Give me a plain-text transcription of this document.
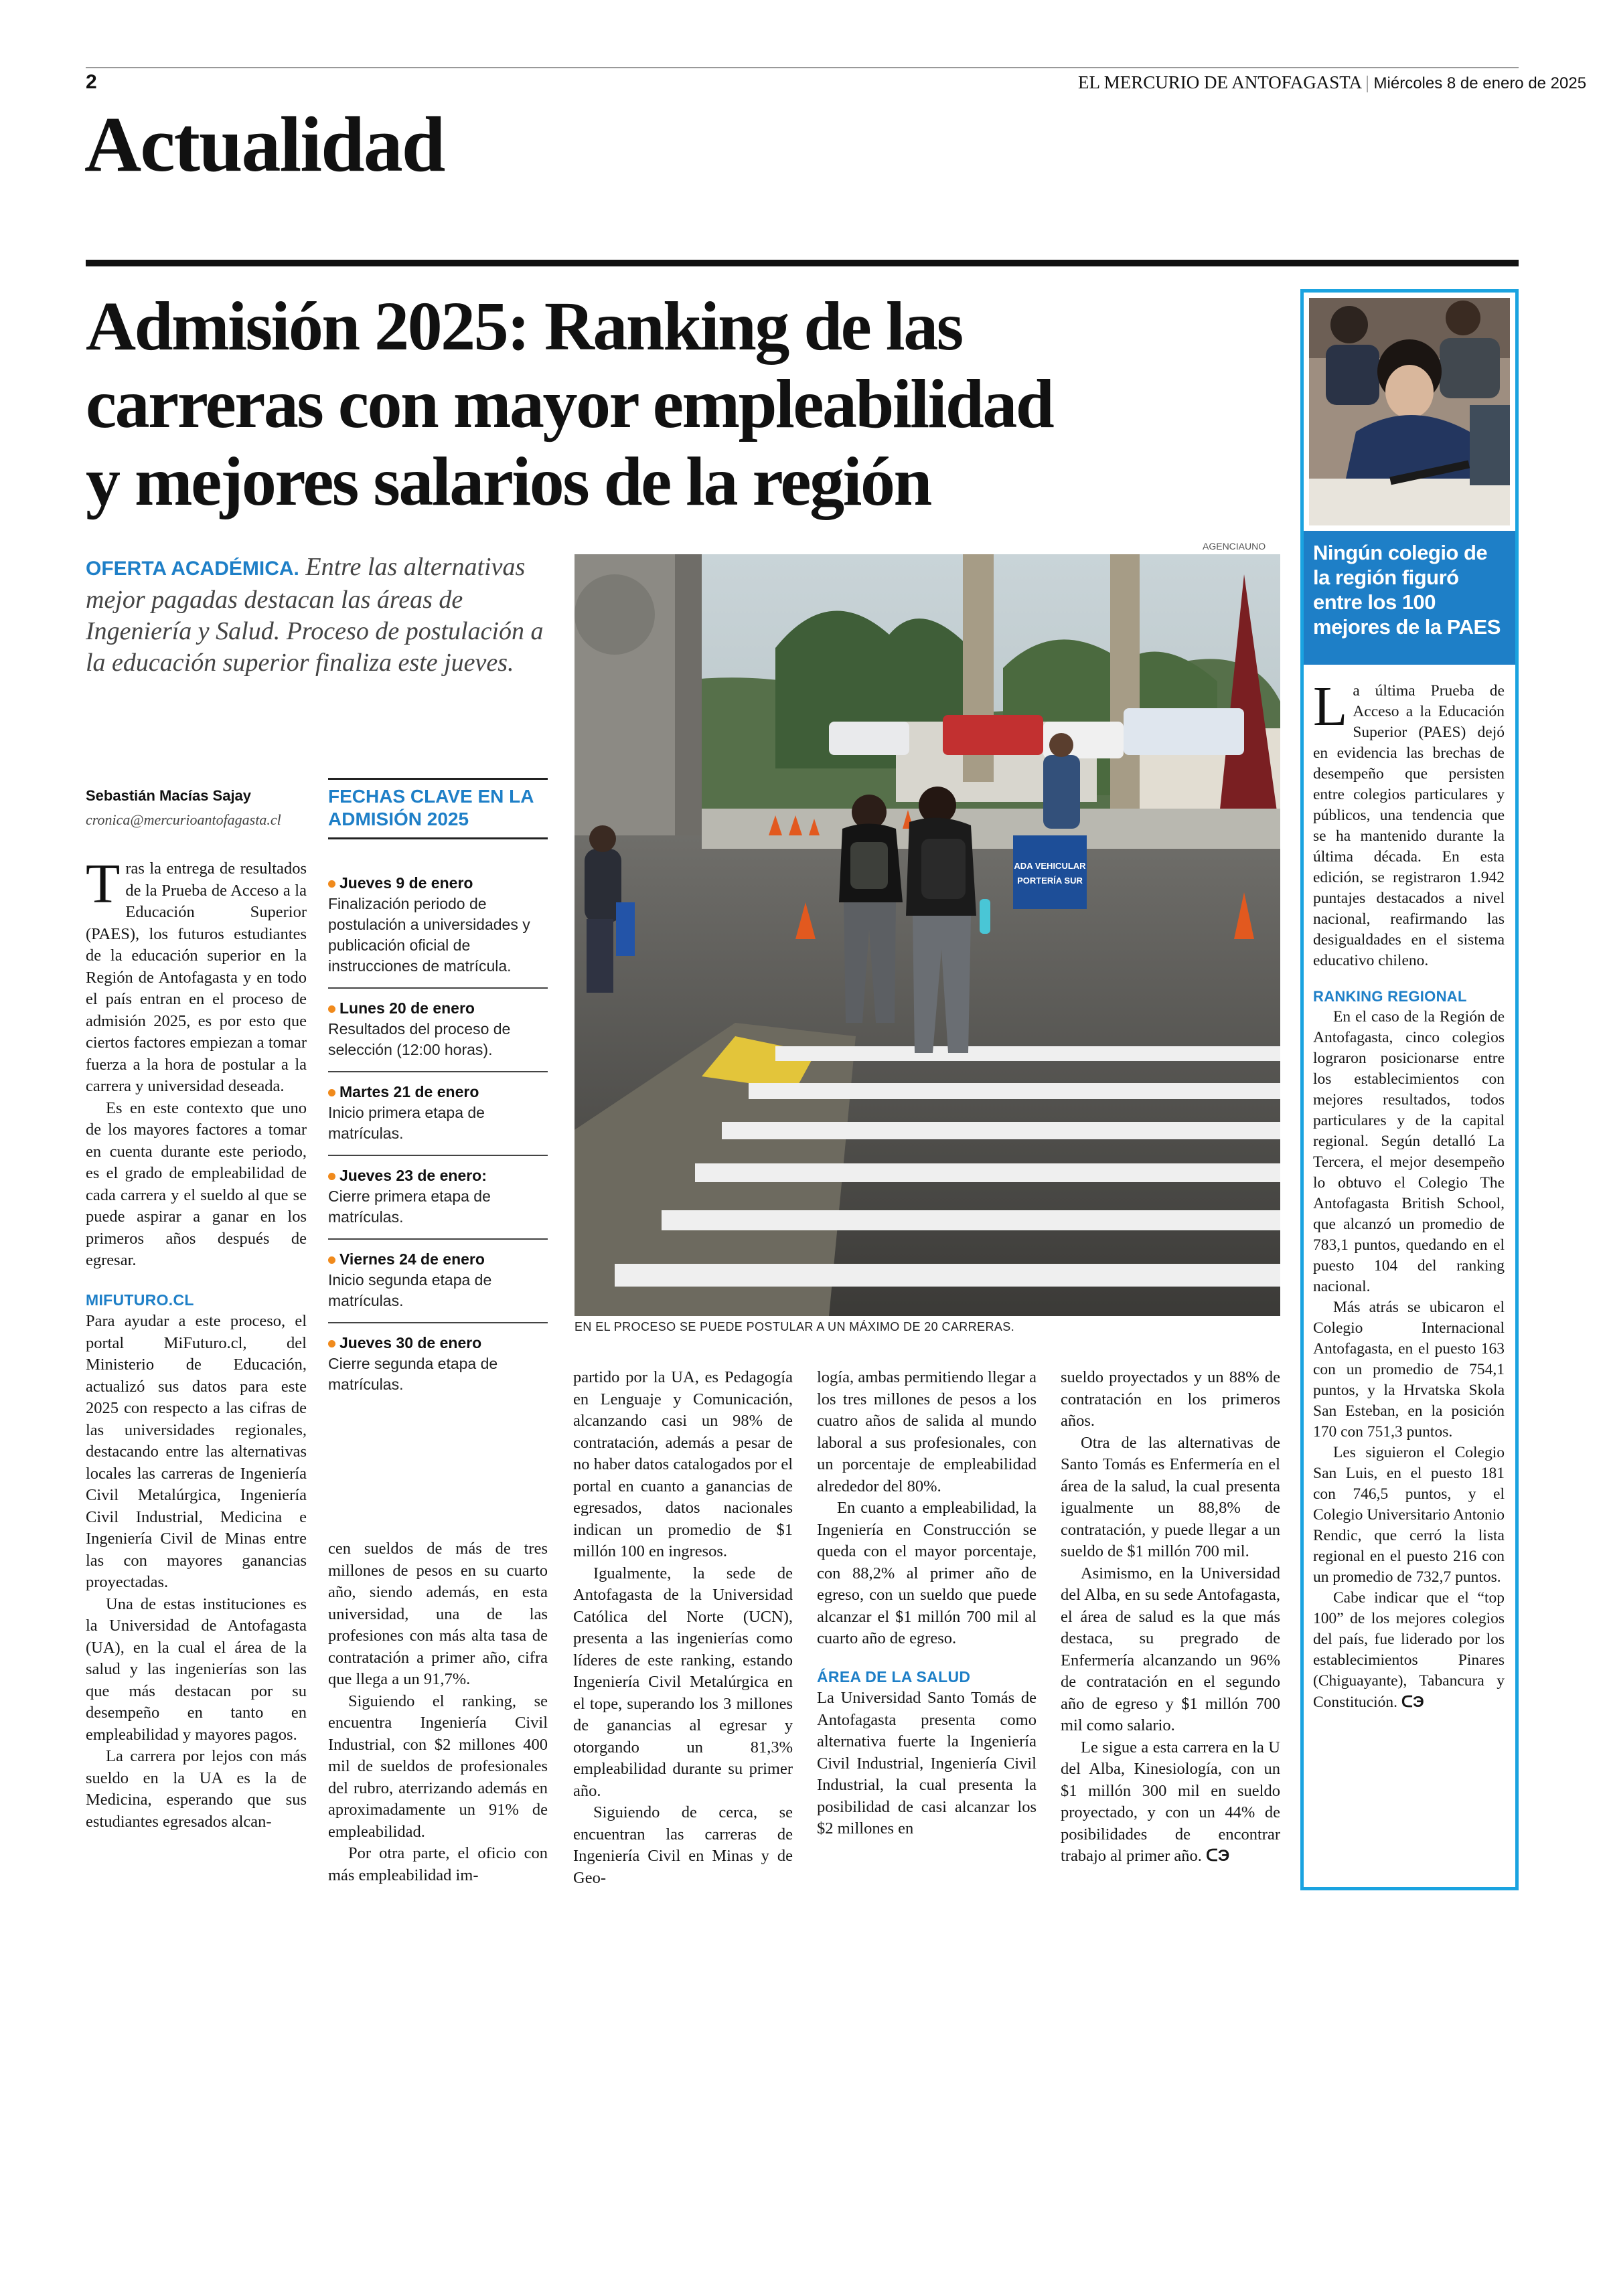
2	EL MERCURIO DE ANTOFAGASTA | Miércoles 8 de enero de 2025
Actualidad
Admisión 2025: Ranking de las
carreras con mayor empleabilidad
y mejores salarios de la región
OFERTA ACADÉMICA. Entre las alternativas mejor pagadas destacan las áreas de Ingeniería y Salud. Proceso de postulación a la educación superior finaliza este jueves.
Sebastián Macías Sajay
cronica@mercurioantofagasta.cl
AGENCIAUNO
ADA VEHICULAR
PORTERÍA SUR
EN EL PROCESO SE PUEDE POSTULAR A UN MÁXIMO DE 20 CARRERAS.

Tras la entrega de resultados de la Prueba de Acceso a la Educación Superior (PAES), los futuros estudiantes de la educación superior en la Región de Antofagasta y en todo el país entran en el proceso de admisión 2025, es por esto que ciertos factores empiezan a tomar fuerza a la hora de postular a la carrera y universidad deseada.

Es en este contexto que uno de los mayores factores a tomar en cuenta durante este periodo, es el grado de empleabilidad de cada carrera y el sueldo al que se puede aspirar a ganar en los primeros años después de egresar.

MIFUTURO.CL

Para ayudar a este proceso, el portal MiFuturo.cl, del Ministerio de Educación, actualizó sus datos para este 2025 con respecto a las cifras de las universidades regionales, destacando entre las alternativas locales las carreras de Ingeniería Civil Metalúrgica, Ingeniería Civil Industrial, Medicina e Ingeniería Civil de Minas entre las con mayores ganancias proyectadas.

Una de estas instituciones es la Universidad de Antofagasta (UA), en la cual el área de la salud y las ingenierías son las que más destacan por su desempeño en tanto en empleabilidad y mayores pagos.

La carrera por lejos con más sueldo en la UA es la de Medicina, esperando que sus estudiantes egresados alcan-

FECHAS CLAVE EN LA
ADMISIÓN 2025
Jueves 9 de enero
Finalización periodo de postulación a universidades y publicación oficial de instrucciones de matrícula.
Lunes 20 de enero
Resultados del proceso de selección (12:00 horas).
Martes 21 de enero
Inicio primera etapa de matrículas.
Jueves 23 de enero:
Cierre primera etapa de matrículas.
Viernes 24 de enero
Inicio segunda etapa de matrículas.
Jueves 30 de enero
Cierre segunda etapa de matrículas.

cen sueldos de más de tres millones de pesos en su cuarto año, siendo además, en esta universidad, una de las profesiones con más alta tasa de contratación a primer año, cifra que llega a un 91,7%.

Siguiendo el ranking, se encuentra Ingeniería Civil Industrial, con $2 millones 400 mil de sueldos de profesionales del rubro, aterrizando además en aproximadamente un 91% de empleabilidad.

Por otra parte, el oficio con más empleabilidad im-

partido por la UA, es Pedagogía en Lenguaje y Comunicación, alcanzando casi un 98% de contratación, además a pesar de no haber datos catalogados por el portal en cuanto a ganancias de egresados, datos nacionales indican un promedio de $1 millón 100 en ingresos.

Igualmente, la sede de Antofagasta de la Universidad Católica del Norte (UCN), presenta a las ingenierías como líderes de este ranking, estando Ingeniería Civil Metalúrgica en el tope, superando los 3 millones de ganancias al egresar y otorgando un 81,3% empleabilidad durante su primer año.

Siguiendo de cerca, se encuentran las carreras de Ingeniería Civil en Minas y de Geo-

logía, ambas permitiendo llegar a los tres millones de pesos a los cuatro años de salida al mundo laboral a sus profesionales, con un porcentaje de empleabilidad alrededor del 80%.

En cuanto a empleabilidad, la Ingeniería en Construcción se queda con el mayor porcentaje, con 88,2% al primer año de egreso, con un sueldo que puede alcanzar el $1 millón 700 mil al cuarto año de egreso.

ÁREA DE LA SALUD

La Universidad Santo Tomás de Antofagasta presenta como alternativa fuerte la Ingeniería Civil Industrial, Ingeniería Civil Industrial, la cual presenta la posibilidad de casi alcanzar los $2 millones en

sueldo proyectados y un 88% de contratación en los primeros años.

Otra de las alternativas de Santo Tomás es Enfermería en el área de la salud, la cual presenta igualmente un 88,8% de contratación, y puede llegar a un sueldo de $1 millón 700 mil.

Asimismo, en la Universidad del Alba, en su sede Antofagasta, el área de salud es la que más destaca, su pregrado de Enfermería alcanzando un 96% de contratación en el segundo año de egreso y $1 millón 700 mil como salario.

Le sigue a esta carrera en la U del Alba, Kinesiología, con un $1 millón 300 mil en sueldo proyectado, y con un 44% de posibilidades de encontrar trabajo al primer año. ᑕЭ

Ningún colegio de la región figuró entre los 100 mejores de la PAES

La última Prueba de Acceso a la Educación Superior (PAES) dejó en evidencia las brechas de desempeño que persisten entre colegios particulares y públicos, una tendencia que se ha mantenido durante la última década. En esta edición, se registraron 1.942 puntajes destacados a nivel nacional, reafirmando las desigualdades en el sistema educativo chileno.

RANKING REGIONAL

En el caso de la Región de Antofagasta, cinco colegios lograron posicionarse entre los establecimientos con mejores resultados, todos particulares y de la capital regional. Según detalló La Tercera, el mejor desempeño lo obtuvo el Colegio The Antofagasta British School, que alcanzó un promedio de 783,1 puntos, quedando en el puesto 104 del ranking nacional.

Más atrás se ubicaron el Colegio Internacional Antofagasta, en el puesto 163 con un promedio de 754,1 puntos, y la Hrvatska Skola San Esteban, en la posición 170 con 751,3 puntos.

Les siguieron el Colegio San Luis, en el puesto 181 con 746,5 puntos, y el Colegio Universitario Antonio Rendic, que cerró la lista regional en el puesto 216 con un promedio de 732,7 puntos.

Cabe indicar que el “top 100” de los mejores colegios del país, fue liderado por los establecimientos Pinares (Chiguayante), Tabancura y Constitución. ᑕЭ
